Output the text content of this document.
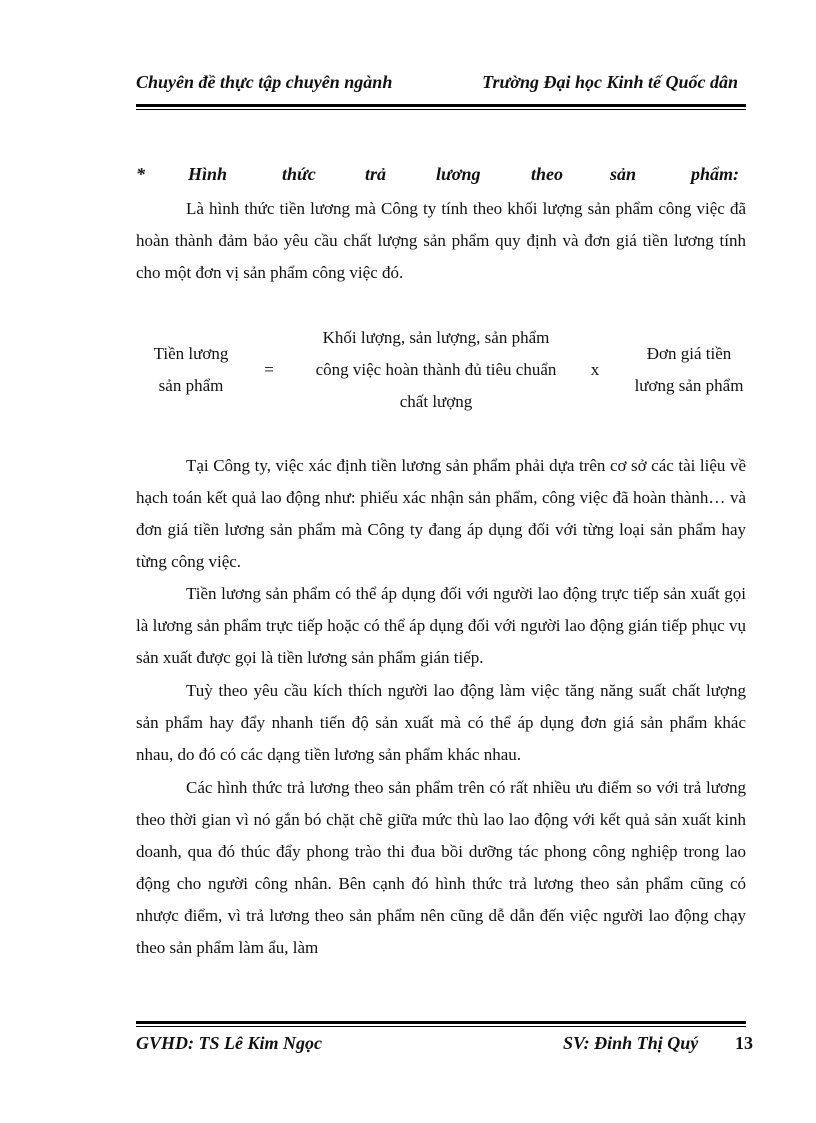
Chuyên đề thực tập chuyên ngành	Trường Đại học Kinh tế Quốc dân
* Hình	thức	trả	lương	theo	sản	phẩm:

Là hình thức tiền lương mà Công ty tính theo khối lượng sản phẩm công việc đã hoàn thành đảm bảo yêu cầu chất lượng sản phẩm quy định và đơn giá tiền lương tính cho một đơn vị sản phẩm công việc đó.

Tiền lương
sản phẩm
=
Khối lượng, sản lượng, sản phẩm
công việc hoàn thành đủ tiêu chuẩn
chất lượng
x
Đơn giá tiền
lương sản phẩm

Tại Công ty, việc xác định tiền lương sản phẩm phải dựa trên cơ sở các tài liệu về hạch toán kết quả lao động như: phiếu xác nhận sản phẩm, công việc đã hoàn thành… và đơn giá tiền lương sản phẩm mà Công ty đang áp dụng đối với từng loại sản phẩm hay từng công việc.

Tiền lương sản phẩm có thể áp dụng đối với người lao động trực tiếp sản xuất gọi là lương sản phẩm trực tiếp hoặc có thể áp dụng đối với người lao động gián tiếp phục vụ sản xuất được gọi là tiền lương sản phẩm gián tiếp.

Tuỳ theo yêu cầu kích thích người lao động làm việc tăng năng suất chất lượng sản phẩm hay đẩy nhanh tiến độ sản xuất mà có thể áp dụng đơn giá sản phẩm khác nhau, do đó có các dạng tiền lương sản phẩm khác nhau.

Các hình thức trả lương theo sản phẩm trên có rất nhiều ưu điểm so với trả lương theo thời gian vì nó gắn bó chặt chẽ giữa mức thù lao lao động với kết quả sản xuất kinh doanh, qua đó thúc đẩy phong trào thi đua bồi dưỡng tác phong công nghiệp trong lao động cho người công nhân. Bên cạnh đó hình thức trả lương theo sản phẩm cũng có nhược điểm, vì trả lương theo sản phẩm nên cũng dễ dẫn đến việc người lao động chạy theo sản phẩm làm ẩu, làm

GVHD: TS Lê Kim Ngọc	SV: Đinh Thị Quý 13
